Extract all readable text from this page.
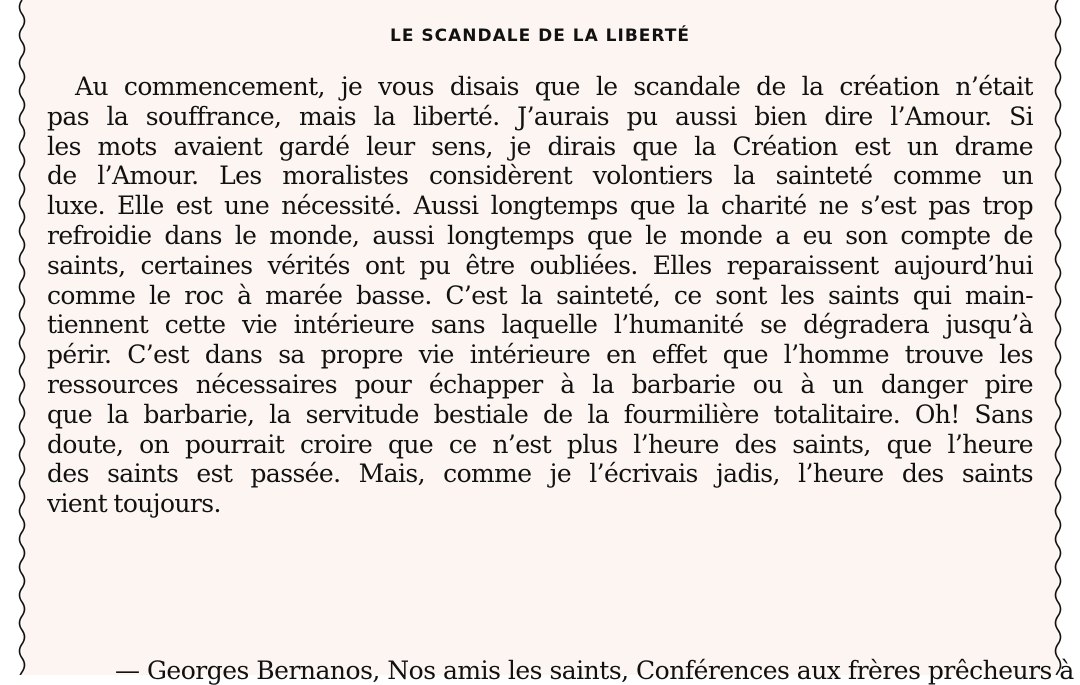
LE SCANDALE DE LA LIBERTÉ
Au commencement, je vous disais que le scandale de la création n’était
pas la souffrance, mais la liberté. J’aurais pu aussi bien dire l’Amour. Si
les mots avaient gardé leur sens, je dirais que la Création est un drame
de l’Amour. Les moralistes considèrent volontiers la sainteté comme un
luxe. Elle est une nécessité. Aussi longtemps que la charité ne s’est pas trop
refroidie dans le monde, aussi longtemps que le monde a eu son compte de
saints, certaines vérités ont pu être oubliées. Elles reparaissent aujourd’hui
comme le roc à marée basse. C’est la sainteté, ce sont les saints qui main-
tiennent cette vie intérieure sans laquelle l’humanité se dégradera jusqu’à
périr. C’est dans sa propre vie intérieure en effet que l’homme trouve les
ressources nécessaires pour échapper à la barbarie ou à un danger pire
que la barbarie, la servitude bestiale de la fourmilière totalitaire. Oh! Sans
doute, on pourrait croire que ce n’est plus l’heure des saints, que l’heure
des saints est passée. Mais, comme je l’écrivais jadis, l’heure des saints
vient toujours.
— Georges Bernanos, Nos amis les saints, Conférences aux frères prêcheurs à
